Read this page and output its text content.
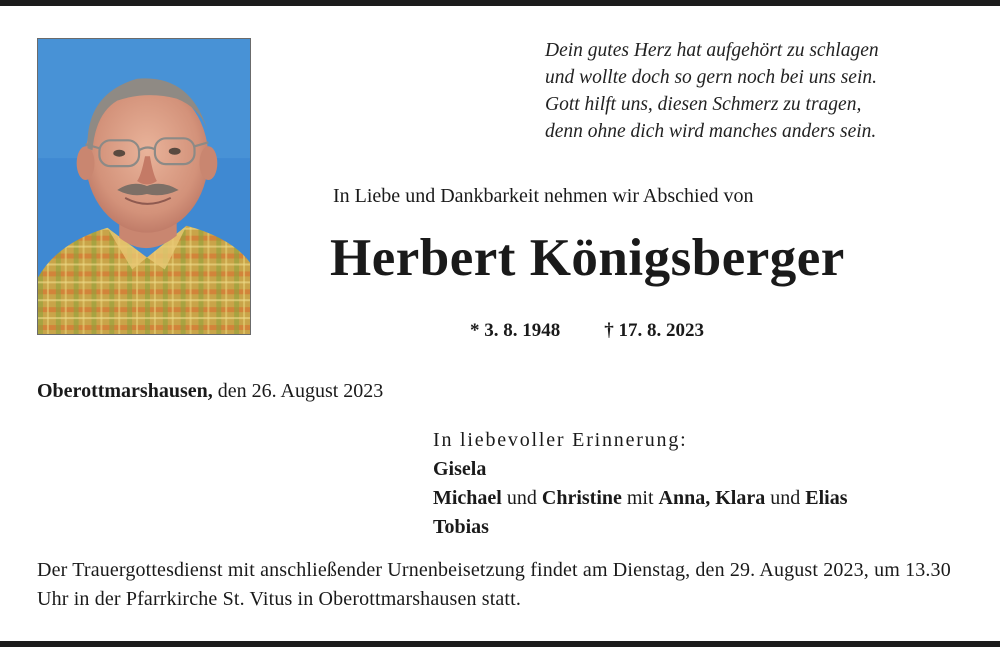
Dein gutes Herz hat aufgehört zu schlagen
und wollte doch so gern noch bei uns sein.
Gott hilft uns, diesen Schmerz zu tragen,
denn ohne dich wird manches anders sein.
In Liebe und Dankbarkeit nehmen wir Abschied von
Herbert Königsberger
* 3. 8. 1948 † 17. 8. 2023
Oberottmarshausen, den 26. August 2023
In liebevoller Erinnerung:
Gisela
Michael und Christine mit Anna, Klara und Elias
Tobias
Der Trauergottesdienst mit anschließender Urnenbeisetzung findet am Dienstag, den 29. August 2023, um 13.30 Uhr in der Pfarrkirche St. Vitus in Oberottmarshausen statt.
